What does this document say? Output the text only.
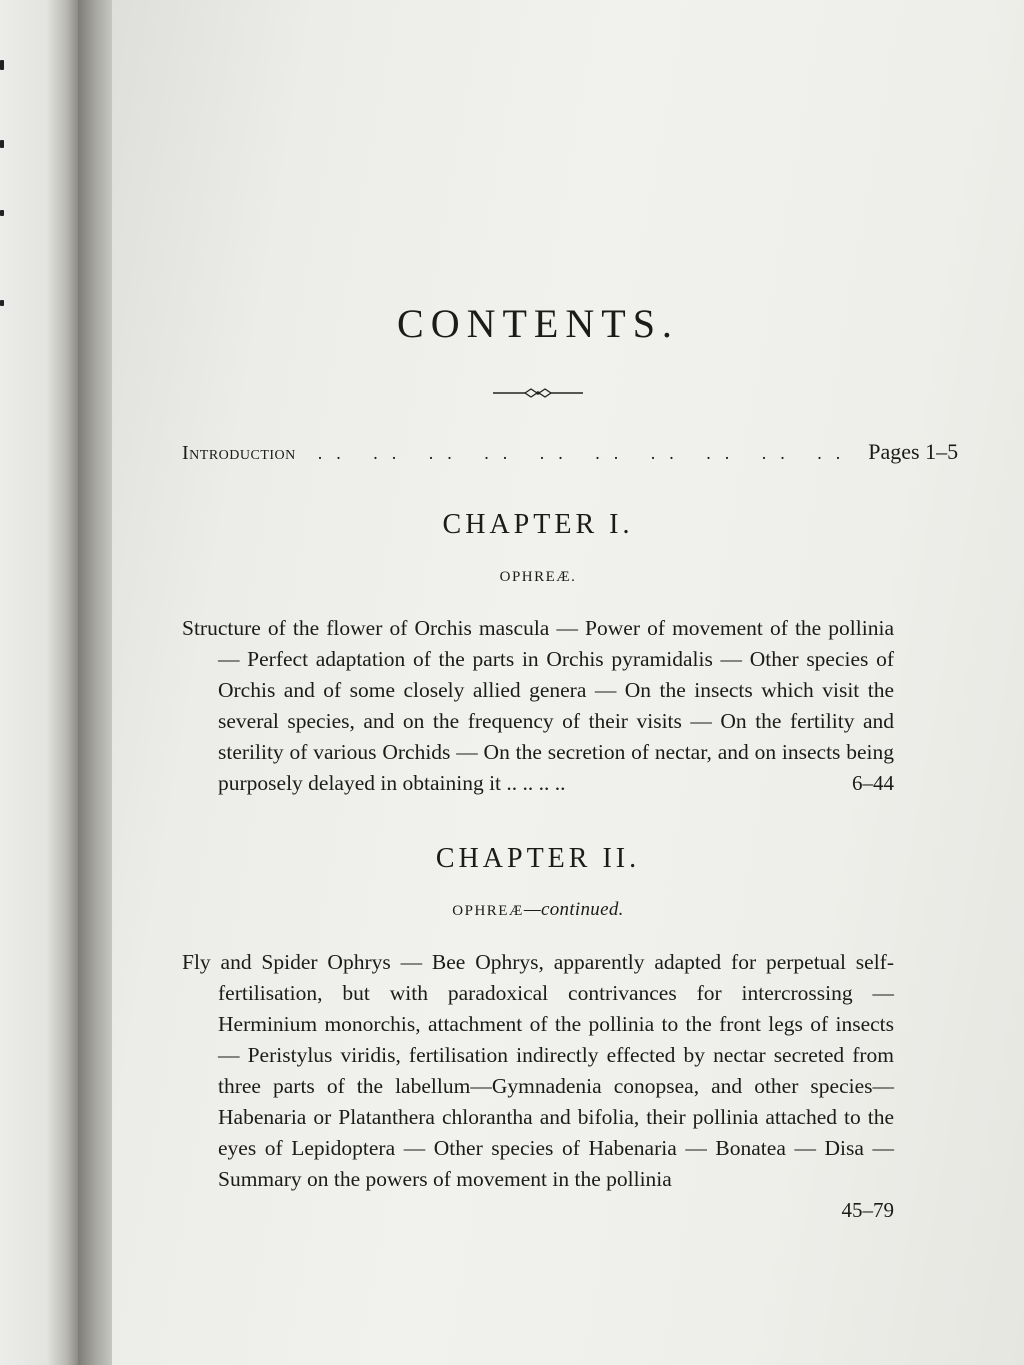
CONTENTS.
Introduction .. .. .. .. .. .. .. .. .. .. Pages 1–5
CHAPTER I.
OPHREÆ.

Structure of the flower of Orchis mascula — Power of movement of the pollinia — Perfect adaptation of the parts in Orchis pyramidalis — Other species of Orchis and of some closely allied genera — On the insects which visit the several species, and on the frequency of their visits — On the fertility and sterility of various Orchids — On the secretion of nectar, and on insects being purposely delayed in obtaining it .. .. .. ..	6–44
CHAPTER II.
OPHREÆ—continued.

Fly and Spider Ophrys — Bee Ophrys, apparently adapted for perpetual self-fertilisation, but with paradoxical contrivances for intercrossing — Herminium monorchis, attachment of the pollinia to the front legs of insects — Peristylus viridis, fertilisation indirectly effected by nectar secreted from three parts of the labellum—Gymnadenia conopsea, and other species—Habenaria or Platanthera chlorantha and bifolia, their pollinia attached to the eyes of Lepidoptera — Other species of Habenaria — Bonatea — Disa — Summary on the powers of movement in the pollinia

45–79
